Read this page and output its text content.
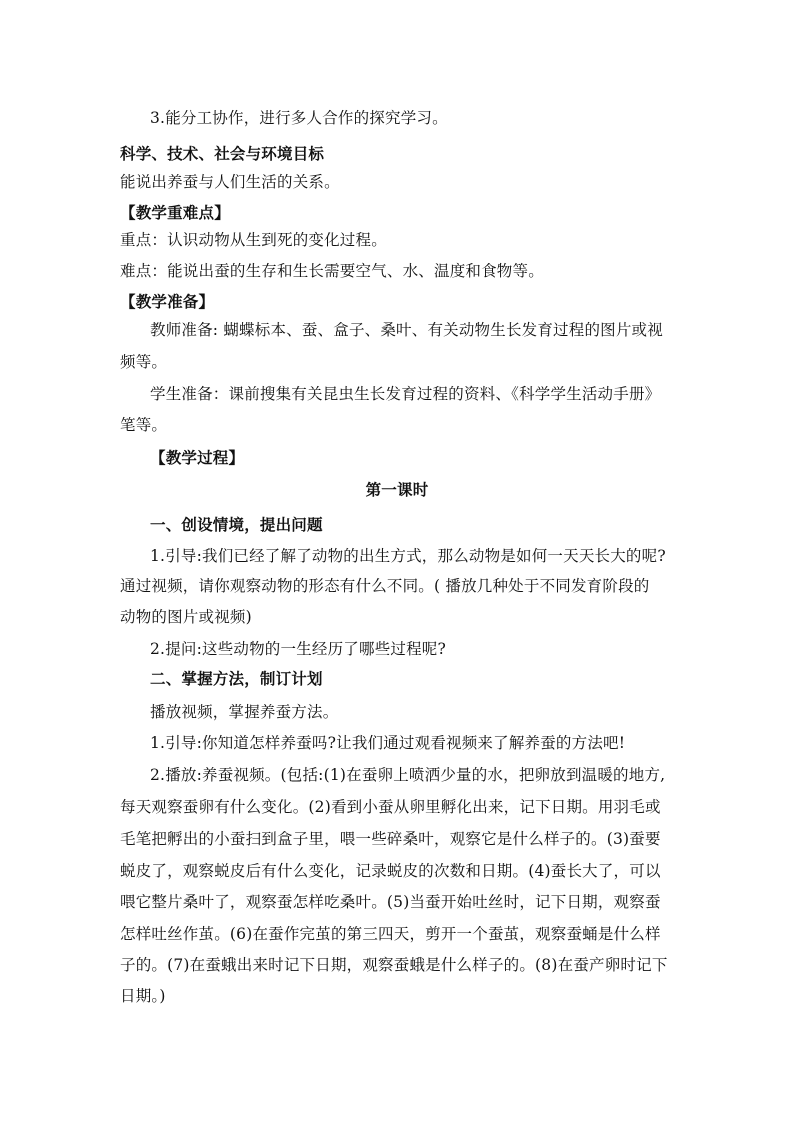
3.能分工协作，进行多人合作的探究学习。
科学、技术、社会与环境目标
能说出养蚕与人们生活的关系。
【教学重难点】
重点：认识动物从生到死的变化过程。
难点：能说出蚕的生存和生长需要空气、水、温度和食物等。
【教学准备】
教师准备: 蝴蝶标本、蚕、盒子、桑叶、有关动物生长发育过程的图片或视
频等。
学生准备：课前搜集有关昆虫生长发育过程的资料、《科学学生活动手册》
笔等。
【教学过程】
第一课时
一、创设情境，提出问题
1.引导:我们已经了解了动物的出生方式，那么动物是如何一天天长大的呢?
通过视频，请你观察动物的形态有什么不同。( 播放几种处于不同发育阶段的
动物的图片或视频)
2.提问:这些动物的一生经历了哪些过程呢?
二、掌握方法，制订计划
播放视频，掌握养蚕方法。
1.引导:你知道怎样养蚕吗?让我们通过观看视频来了解养蚕的方法吧!
2.播放:养蚕视频。(包括:(1)在蚕卵上喷洒少量的水，把卵放到温暖的地方,
每天观察蚕卵有什么变化。(2)看到小蚕从卵里孵化出来，记下日期。用羽毛或
毛笔把孵出的小蚕扫到盒子里，喂一些碎桑叶，观察它是什么样子的。(3)蚕要
蜕皮了，观察蜕皮后有什么变化，记录蜕皮的次数和日期。(4)蚕长大了，可以
喂它整片桑叶了，观察蚕怎样吃桑叶。(5)当蚕开始吐丝时，记下日期，观察蚕
怎样吐丝作茧。(6)在蚕作完茧的第三四天，剪开一个蚕茧，观察蚕蛹是什么样
子的。(7)在蚕蛾出来时记下日期，观察蚕蛾是什么样子的。(8)在蚕产卵时记下
日期。)
